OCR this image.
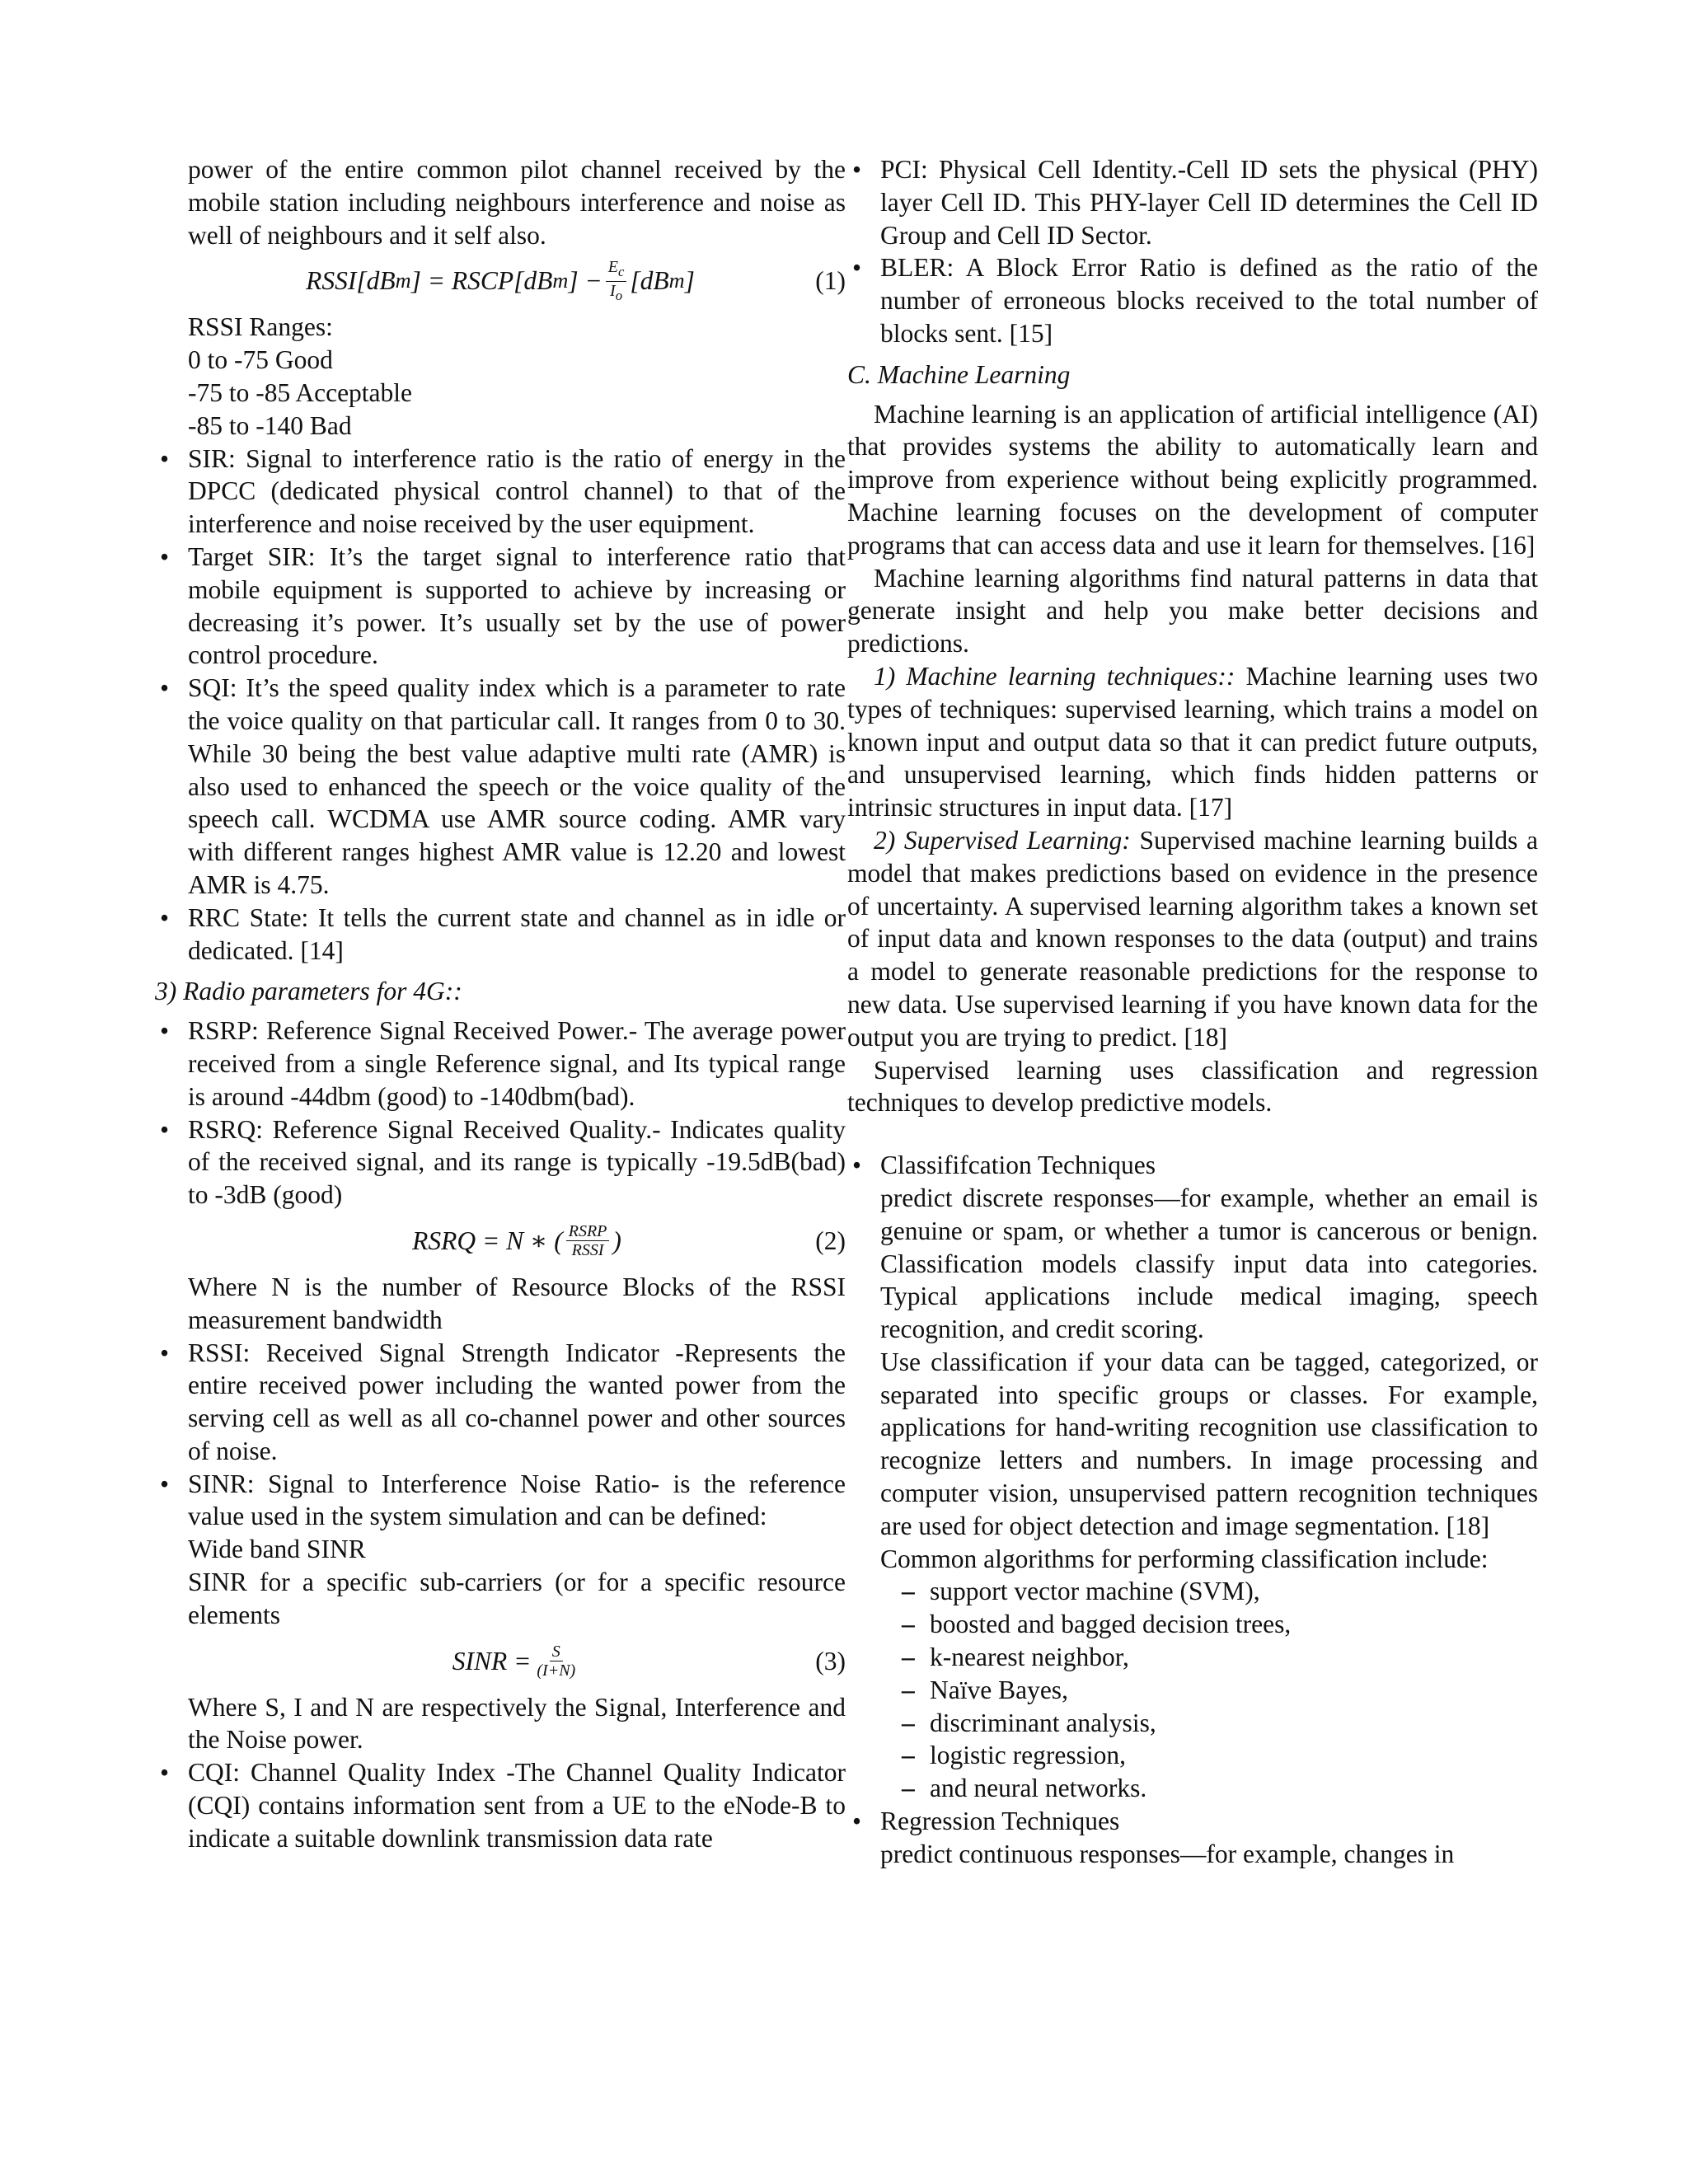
power of the entire common pilot channel received by the mobile station including neighbours interference and noise as well of neighbours and it self also.

RSSI[dB m ] = RSCP[dB m ] − $\frac{E_c}{I_o} [dB$ m ]	(1)

RSSI Ranges:
0 to -75 Good
-75 to -85 Acceptable
-85 to -140 Bad

• SIR: Signal to interference ratio is the ratio of energy in the DPCC (dedicated physical control channel) to that of the interference and noise received by the user equipment.
• Target SIR: It’s the target signal to interference ratio that mobile equipment is supported to achieve by increasing or decreasing it’s power. It’s usually set by the use of power control procedure.
• SQI: It’s the speed quality index which is a parameter to rate the voice quality on that particular call. It ranges from 0 to 30. While 30 being the best value adaptive multi rate (AMR) is also used to enhanced the speech or the voice quality of the speech call. WCDMA use AMR source coding. AMR vary with different ranges highest AMR value is 12.20 and lowest AMR is 4.75.
• RRC State: It tells the current state and channel as in idle or dedicated. [14]

3) Radio parameters for 4G::

• RSRP: Reference Signal Received Power.- The average power received from a single Reference signal, and Its typical range is around -44dbm (good) to -140dbm(bad).
• RSRQ: Reference Signal Received Quality.- Indicates quality of the received signal, and its range is typically -19.5dB(bad) to -3dB (good)
RSRQ = N ∗ ( $\frac{\text{RSRP}}{\text{RSSI}}$ )	(2)
Where N is the number of Resource Blocks of the RSSI measurement bandwidth
• RSSI: Received Signal Strength Indicator -Represents the entire received power including the wanted power from the serving cell as well as all co-channel power and other sources of noise.
• SINR: Signal to Interference Noise Ratio- is the reference value used in the system simulation and can be defined:
Wide band SINR
SINR for a specific sub-carriers (or for a specific resource elements
SINR = $\frac{S}{(I+N)}$	(3)
Where S, I and N are respectively the Signal, Interference and the Noise power.
• CQI: Channel Quality Index -The Channel Quality Indicator (CQI) contains information sent from a UE to the eNode-B to indicate a suitable downlink transmission data rate
• PCI: Physical Cell Identity.-Cell ID sets the physical (PHY) layer Cell ID. This PHY-layer Cell ID determines the Cell ID Group and Cell ID Sector.
• BLER: A Block Error Ratio is defined as the ratio of the number of erroneous blocks received to the total number of blocks sent. [15]

C. Machine Learning

Machine learning is an application of artificial intelligence (AI) that provides systems the ability to automatically learn and improve from experience without being explicitly programmed. Machine learning focuses on the development of computer programs that can access data and use it learn for themselves. [16]

Machine learning algorithms find natural patterns in data that generate insight and help you make better decisions and predictions.

1) Machine learning techniques:: Machine learning uses two types of techniques: supervised learning, which trains a model on known input and output data so that it can predict future outputs, and unsupervised learning, which finds hidden patterns or intrinsic structures in input data. [17]

2) Supervised Learning: Supervised machine learning builds a model that makes predictions based on evidence in the presence of uncertainty. A supervised learning algorithm takes a known set of input data and known responses to the data (output) and trains a model to generate reasonable predictions for the response to new data. Use supervised learning if you have known data for the output you are trying to predict. [18]

Supervised learning uses classification and regression techniques to develop predictive models.

• Classififcation Techniques
predict discrete responses—for example, whether an email is genuine or spam, or whether a tumor is cancerous or benign. Classification models classify input data into categories. Typical applications include medical imaging, speech recognition, and credit scoring.
Use classification if your data can be tagged, categorized, or separated into specific groups or classes. For example, applications for hand-writing recognition use classification to recognize letters and numbers. In image processing and computer vision, unsupervised pattern recognition techniques are used for object detection and image segmentation. [18]
Common algorithms for performing classification include:
– support vector machine (SVM),
– boosted and bagged decision trees,
– k-nearest neighbor,
– Naïve Bayes,
– discriminant analysis,
– logistic regression,
– and neural networks.
• Regression Techniques
predict continuous responses—for example, changes in
